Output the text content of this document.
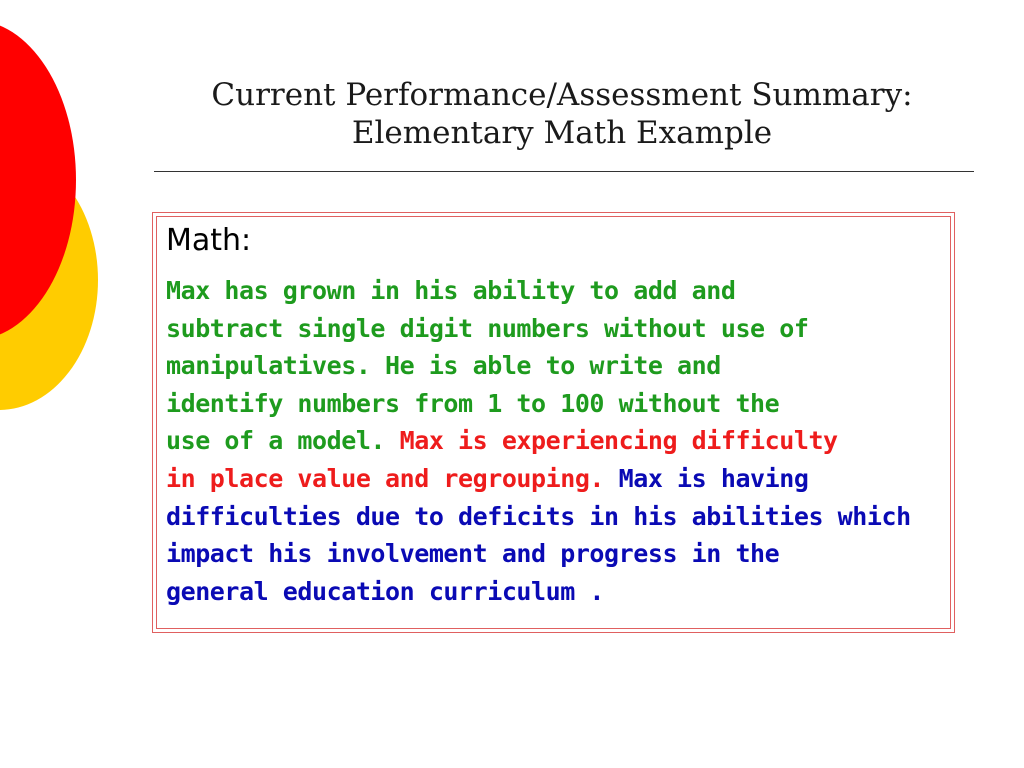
Current Performance/Assessment Summary:
Elementary Math Example
Math:

Max has grown in his ability to add and
subtract single digit numbers without use of
manipulatives. He is able to write and
identify numbers from 1 to 100 without the
use of a model. Max is experiencing difficulty
in place value and regrouping. Max is having
difficulties due to deficits in his abilities which
impact his involvement and progress in the
general education curriculum .
